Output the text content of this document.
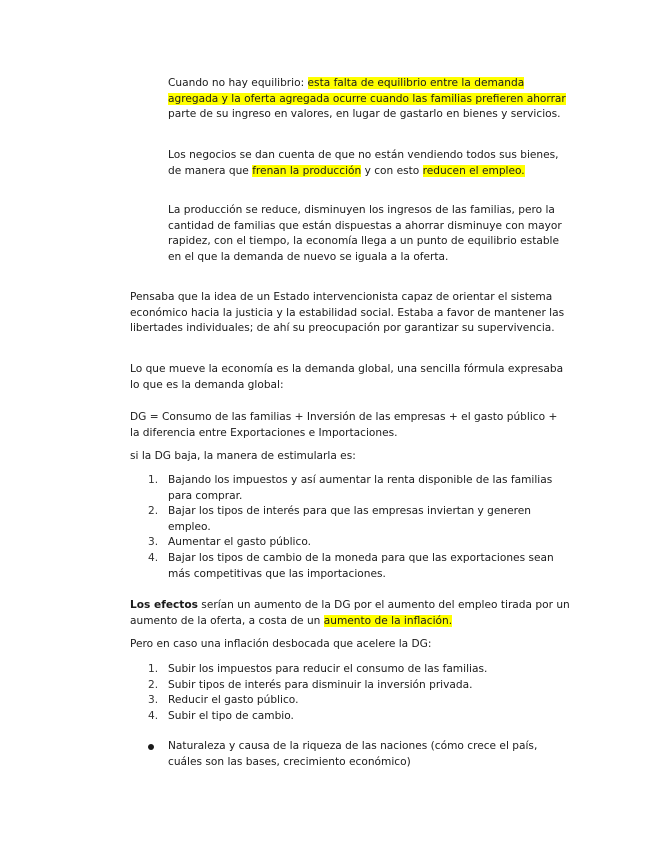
Cuando no hay equilibrio: esta falta de equilibrio entre la demanda agregada y la oferta agregada ocurre cuando las familias prefieren ahorrar parte de su ingreso en valores, en lugar de gastarlo en bienes y servicios.

Los negocios se dan cuenta de que no están vendiendo todos sus bienes, de manera que frenan la producción y con esto reducen el empleo.

La producción se reduce, disminuyen los ingresos de las familias, pero la cantidad de familias que están dispuestas a ahorrar disminuye con mayor rapidez, con el tiempo, la economía llega a un punto de equilibrio estable en el que la demanda de nuevo se iguala a la oferta.

Pensaba que la idea de un Estado intervencionista capaz de orientar el sistema económico hacia la justicia y la estabilidad social. Estaba a favor de mantener las libertades individuales; de ahí su preocupación por garantizar su supervivencia.

Lo que mueve la economía es la demanda global, una sencilla fórmula expresaba lo que es la demanda global:

DG = Consumo de las familias + Inversión de las empresas + el gasto público + la diferencia entre Exportaciones e Importaciones.

si la DG baja, la manera de estimularla es:

1. Bajando los impuestos y así aumentar la renta disponible de las familias para comprar.
2. Bajar los tipos de interés para que las empresas inviertan y generen empleo.
3. Aumentar el gasto público.
4. Bajar los tipos de cambio de la moneda para que las exportaciones sean más competitivas que las importaciones.

Los efectos serían un aumento de la DG por el aumento del empleo tirada por un aumento de la oferta, a costa de un aumento de la inflación.

Pero en caso una inflación desbocada que acelere la DG:

1. Subir los impuestos para reducir el consumo de las familias.
2. Subir tipos de interés para disminuir la inversión privada.
3. Reducir el gasto público.
4. Subir el tipo de cambio.
Naturaleza y causa de la riqueza de las naciones (cómo crece el país, cuáles son las bases, crecimiento económico)
